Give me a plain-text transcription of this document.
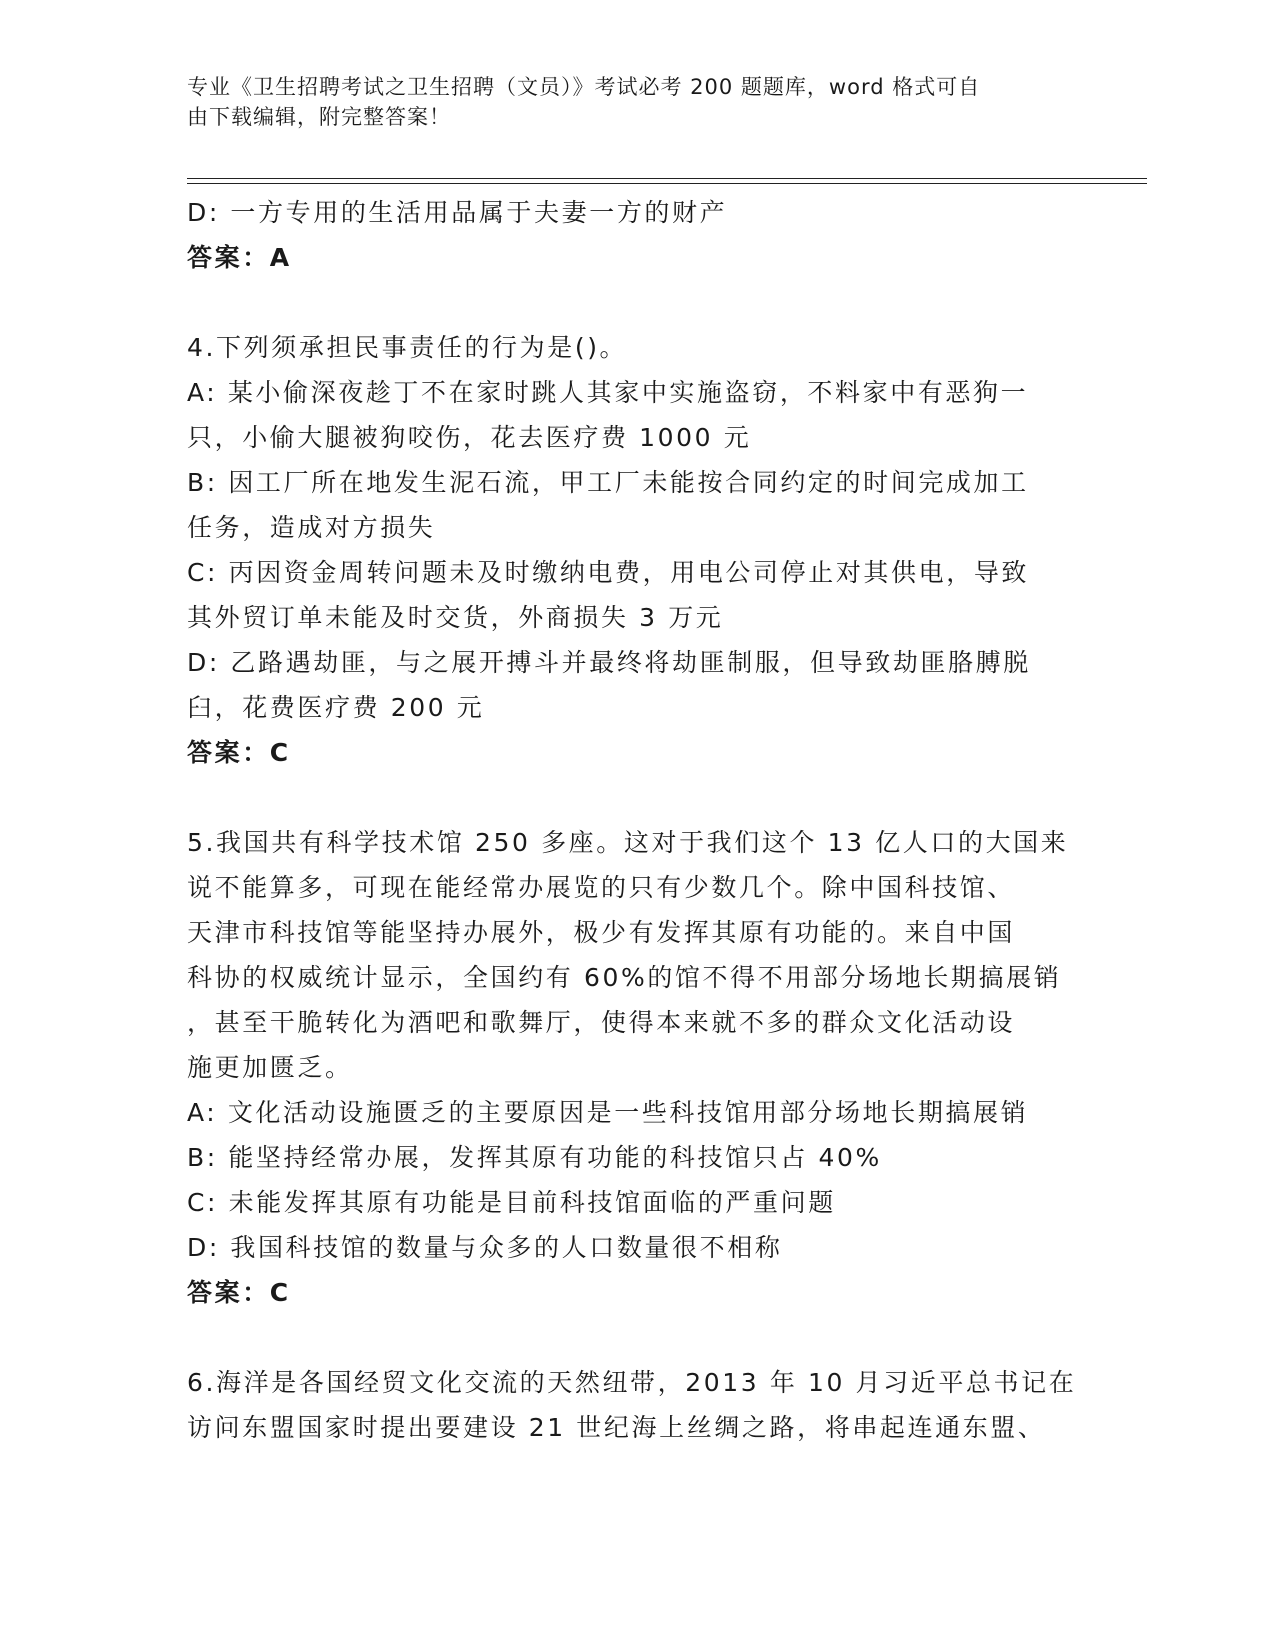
专业《卫生招聘考试之卫生招聘（文员）》考试必考 200 题题库，word 格式可自
由下载编辑，附完整答案！
D: 一方专用的生活用品属于夫妻一方的财产
答案：A
4.下列须承担民事责任的行为是()。
A: 某小偷深夜趁丁不在家时跳人其家中实施盗窃，不料家中有恶狗一
只，小偷大腿被狗咬伤，花去医疗费 1000 元
B: 因工厂所在地发生泥石流，甲工厂未能按合同约定的时间完成加工
任务，造成对方损失
C: 丙因资金周转问题未及时缴纳电费，用电公司停止对其供电，导致
其外贸订单未能及时交货，外商损失 3 万元
D: 乙路遇劫匪，与之展开搏斗并最终将劫匪制服，但导致劫匪胳膊脱
臼，花费医疗费 200 元
答案：C
5.我国共有科学技术馆 250 多座。这对于我们这个 13 亿人口的大国来
说不能算多，可现在能经常办展览的只有少数几个。除中国科技馆、
天津市科技馆等能坚持办展外，极少有发挥其原有功能的。来自中国
科协的权威统计显示，全国约有 60%的馆不得不用部分场地长期搞展销
，甚至干脆转化为酒吧和歌舞厅，使得本来就不多的群众文化活动设
施更加匮乏。
A: 文化活动设施匮乏的主要原因是一些科技馆用部分场地长期搞展销
B: 能坚持经常办展，发挥其原有功能的科技馆只占 40%
C: 未能发挥其原有功能是目前科技馆面临的严重问题
D: 我国科技馆的数量与众多的人口数量很不相称
答案：C
6.海洋是各国经贸文化交流的天然纽带，2013 年 10 月习近平总书记在
访问东盟国家时提出要建设 21 世纪海上丝绸之路，将串起连通东盟、
